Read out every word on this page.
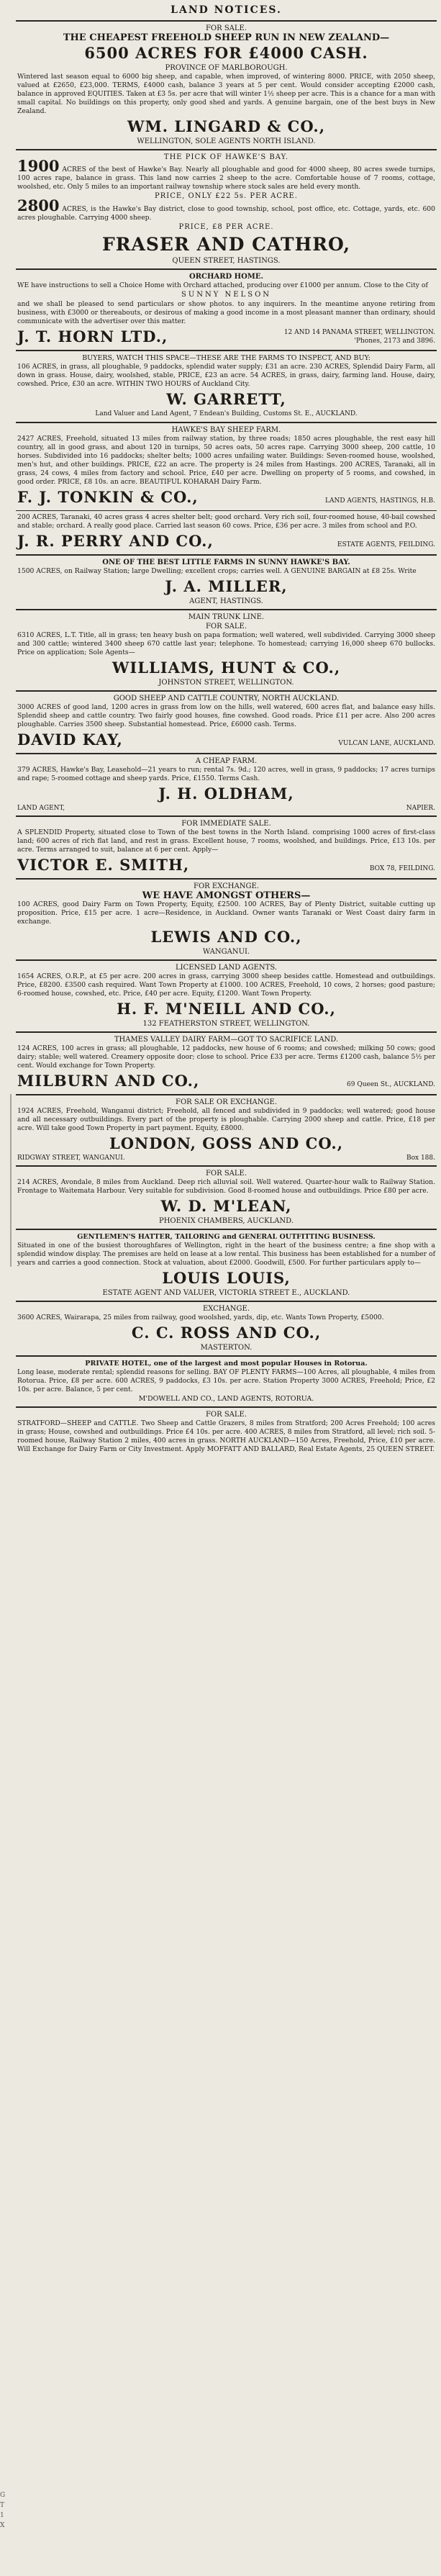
G
T
1
X
LAND NOTICES.
FOR SALE.
THE CHEAPEST FREEHOLD SHEEP RUN IN NEW ZEALAND—
6500 ACRES FOR £4000 CASH.
PROVINCE OF MARLBOROUGH.

Wintered last season equal to 6000 big sheep, and capable, when improved, of wintering 8000. PRICE, with 2050 sheep, valued at £2650, £23,000. TERMS, £4000 cash, balance 3 years at 5 per cent. Would consider accepting £2000 cash, balance in approved EQUITIES. Taken at £3 5s. per acre that will winter 1½ sheep per acre. This is a chance for a man with small capital. No buildings on this property, only good shed and yards. A genuine bargain, one of the best buys in New Zealand.

WM. LINGARD & CO.,
WELLINGTON, SOLE AGENTS NORTH ISLAND.
THE PICK OF HAWKE'S BAY.

1900 ACRES of the best of Hawke's Bay. Nearly all ploughable and good for 4000 sheep, 80 acres swede turnips, 100 acres rape, balance in grass. This land now carries 2 sheep to the acre. Comfortable house of 7 rooms, cottage, woolshed, etc. Only 5 miles to an important railway township where stock sales are held every month.

PRICE, ONLY £22 5s. PER ACRE.

2800 ACRES, is the Hawke's Bay district, close to good township, school, post office, etc. Cottage, yards, etc. 600 acres ploughable. Carrying 4000 sheep.

PRICE, £8 PER ACRE.
FRASER AND CATHRO,
QUEEN STREET, HASTINGS.
ORCHARD HOME.

WE have instructions to sell a Choice Home with Orchard attached, producing over £1000 per annum. Close to the City of

SUNNY NELSON

and we shall be pleased to send particulars or show photos. to any inquirers. In the meantime anyone retiring from business, with £3000 or thereabouts, or desirous of making a good income in a most pleasant manner than ordinary, should communicate with the advertiser over this matter.

J. T. HORN LTD.,	12 AND 14 PANAMA STREET, WELLINGTON.
'Phones, 2173 and 3896.
BUYERS, WATCH THIS SPACE—THESE ARE THE FARMS TO INSPECT, AND BUY:

106 ACRES, in grass, all ploughable, 9 paddocks, splendid water supply; £31 an acre. 230 ACRES, Splendid Dairy Farm, all down in grass. House, dairy, woolshed, stable, PRICE, £23 an acre. 54 ACRES, in grass, dairy, farming land. House, dairy, cowshed. Price, £30 an acre. WITHIN TWO HOURS of Auckland City.

W. GARRETT,
Land Valuer and Land Agent, 7 Endean's Building, Customs St. E., AUCKLAND.
HAWKE'S BAY SHEEP FARM.

2427 ACRES, Freehold, situated 13 miles from railway station, by three roads; 1850 acres ploughable, the rest easy hill country, all in good grass, and about 120 in turnips, 50 acres oats, 50 acres rape. Carrying 3000 sheep, 200 cattle, 10 horses. Subdivided into 16 paddocks; shelter belts; 1000 acres unfailing water. Buildings: Seven-roomed house, woolshed, men's hut, and other buildings. PRICE, £22 an acre. The property is 24 miles from Hastings. 200 ACRES, Taranaki, all in grass, 24 cows, 4 miles from factory and school. Price, £40 per acre. Dwelling on property of 5 rooms, and cowshed, in good order. PRICE, £8 10s. an acre. BEAUTIFUL KOHARAH Dairy Farm.

F. J. TONKIN & CO.,	LAND AGENTS, HASTINGS, H.B.

200 ACRES, Taranaki, 40 acres grass 4 acres shelter belt; good orchard. Very rich soil, four-roomed house, 40-bail cowshed and stable; orchard. A really good place. Carried last season 60 cows. Price, £36 per acre. 3 miles from school and P.O.

J. R. PERRY AND CO.,	ESTATE AGENTS, FEILDING.
ONE OF THE BEST LITTLE FARMS IN SUNNY HAWKE'S BAY.

1500 ACRES, on Railway Station; large Dwelling; excellent crops; carries well. A GENUINE BARGAIN at £8 25s. Write

J. A. MILLER,
AGENT, HASTINGS.
MAIN TRUNK LINE.
FOR SALE.

6310 ACRES, L.T. Title, all in grass; ten heavy bush on papa formation; well watered, well subdivided. Carrying 3000 sheep and 300 cattle; wintered 3400 sheep 670 cattle last year; telephone. To homestead; carrying 16,000 sheep 670 bullocks. Price on application; Sole Agents—

WILLIAMS, HUNT & CO.,
JOHNSTON STREET, WELLINGTON.
GOOD SHEEP AND CATTLE COUNTRY, NORTH AUCKLAND.

3000 ACRES of good land, 1200 acres in grass from low on the hills, well watered, 600 acres flat, and balance easy hills. Splendid sheep and cattle country. Two fairly good houses, fine cowshed. Good roads. Price £11 per acre. Also 200 acres ploughable. Carries 3500 sheep. Substantial homestead. Price, £6000 cash. Terms.

DAVID KAY,	VULCAN LANE, AUCKLAND.
A CHEAP FARM.

379 ACRES, Hawke's Bay, Leasehold—21 years to run; rental 7s. 9d.; 120 acres, well in grass, 9 paddocks; 17 acres turnips and rape; 5-roomed cottage and sheep yards. Price, £1550. Terms Cash.

J. H. OLDHAM,
LAND AGENT,	NAPIER.
FOR IMMEDIATE SALE.

A SPLENDID Property, situated close to Town of the best towns in the North Island. comprising 1000 acres of first-class land; 600 acres of rich flat land, and rest in grass. Excellent house, 7 rooms, woolshed, and buildings. Price, £13 10s. per acre. Terms arranged to suit, balance at 6 per cent. Apply—

VICTOR E. SMITH,	BOX 78, FEILDING.
FOR EXCHANGE.
WE HAVE AMONGST OTHERS—

100 ACRES, good Dairy Farm on Town Property, Equity, £2500. 100 ACRES, Bay of Plenty District, suitable cutting up proposition. Price, £15 per acre. 1 acre—Residence, in Auckland. Owner wants Taranaki or West Coast dairy farm in exchange.

LEWIS AND CO.,
WANGANUI.
LICENSED LAND AGENTS.

1654 ACRES, O.R.P., at £5 per acre. 200 acres in grass, carrying 3000 sheep besides cattle. Homestead and outbuildings. Price, £8200. £3500 cash required. Want Town Property at £1000. 100 ACRES, Freehold, 10 cows, 2 horses; good pasture; 6-roomed house, cowshed, etc. Price, £40 per acre. Equity, £1200. Want Town Property.

H. F. M'NEILL AND CO.,
132 FEATHERSTON STREET, WELLINGTON.
THAMES VALLEY DAIRY FARM—GOT TO SACRIFICE LAND.

124 ACRES, 100 acres in grass; all ploughable, 12 paddocks, new house of 6 rooms; and cowshed; milking 50 cows; good dairy; stable; well watered. Creamery opposite door; close to school. Price £33 per acre. Terms £1200 cash, balance 5½ per cent. Would exchange for Town Property.

MILBURN AND CO.,	69 Queen St., AUCKLAND.
FOR SALE OR EXCHANGE.

1924 ACRES, Freehold, Wanganui district; Freehold, all fenced and subdivided in 9 paddocks; well watered; good house and all necessary outbuildings. Every part of the property is ploughable. Carrying 2000 sheep and cattle. Price, £18 per acre. Will take good Town Property in part payment. Equity, £8000.

LONDON, GOSS AND CO.,
RIDGWAY STREET, WANGANUI.	Box 188.
FOR SALE.

214 ACRES, Avondale, 8 miles from Auckland. Deep rich alluvial soil. Well watered. Quarter-hour walk to Railway Station. Frontage to Waitemata Harbour. Very suitable for subdivision. Good 8-roomed house and outbuildings. Price £80 per acre.

W. D. M'LEAN,
PHOENIX CHAMBERS, AUCKLAND.
GENTLEMEN'S HATTER, TAILORING and GENERAL OUTFITTING BUSINESS.

Situated in one of the busiest thoroughfares of Wellington, right in the heart of the business centre; a fine shop with a splendid window display. The premises are held on lease at a low rental. This business has been established for a number of years and carries a good connection. Stock at valuation, about £2000. Goodwill, £500. For further particulars apply to—

LOUIS LOUIS,
ESTATE AGENT AND VALUER, VICTORIA STREET E., AUCKLAND.
EXCHANGE.

3600 ACRES, Wairarapa, 25 miles from railway, good woolshed, yards, dip, etc. Wants Town Property, £5000.

C. C. ROSS AND CO.,
MASTERTON.
PRIVATE HOTEL, one of the largest and most popular Houses in Rotorua.

Long lease, moderate rental; splendid reasons for selling. BAY OF PLENTY FARMS—100 Acres, all ploughable, 4 miles from Rotorua. Price, £8 per acre. 600 ACRES, 9 paddocks, £3 10s. per acre. Station Property 3000 ACRES, Freehold; Price, £2 10s. per acre. Balance, 5 per cent.

M'DOWELL AND CO., LAND AGENTS, ROTORUA.
FOR SALE.

STRATFORD—SHEEP and CATTLE. Two Sheep and Cattle Grazers, 8 miles from Stratford; 200 Acres Freehold; 100 acres in grass; House, cowshed and outbuildings. Price £4 10s. per acre. 400 ACRES, 8 miles from Stratford, all level; rich soil. 5-roomed house, Railway Station 2 miles, 400 acres in grass. NORTH AUCKLAND—150 Acres, Freehold, Price, £10 per acre. Will Exchange for Dairy Farm or City Investment. Apply MOFFATT AND BALLARD, Real Estate Agents, 25 QUEEN STREET.
